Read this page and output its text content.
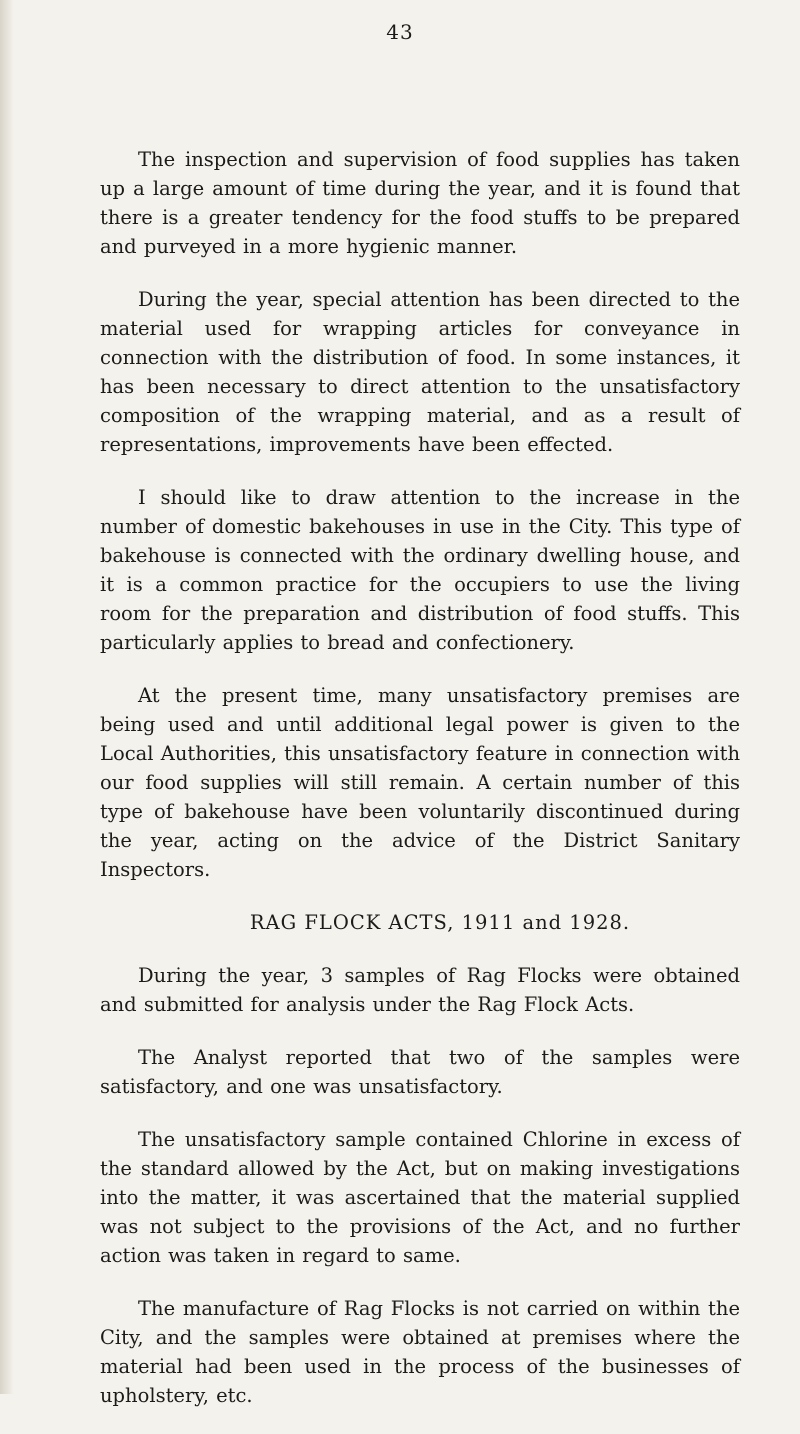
43

The inspection and supervision of food supplies has taken up a large amount of time during the year, and it is found that there is a greater tendency for the food stuffs to be prepared and purveyed in a more hygienic manner.

During the year, special attention has been directed to the material used for wrapping articles for conveyance in connection with the distribution of food. In some instances, it has been necessary to direct attention to the unsatisfactory composition of the wrapping material, and as a result of representations, improvements have been effected.

I should like to draw attention to the increase in the number of domestic bakehouses in use in the City. This type of bakehouse is connected with the ordinary dwelling house, and it is a common practice for the occupiers to use the living room for the preparation and distribution of food stuffs. This particularly applies to bread and confectionery.

At the present time, many unsatisfactory premises are being used and until additional legal power is given to the Local Authorities, this unsatisfactory feature in connection with our food supplies will still remain. A certain number of this type of bakehouse have been voluntarily discontinued during the year, acting on the advice of the District Sanitary Inspectors.

RAG FLOCK ACTS, 1911 and 1928.

During the year, 3 samples of Rag Flocks were obtained and submitted for analysis under the Rag Flock Acts.

The Analyst reported that two of the samples were satisfactory, and one was unsatisfactory.

The unsatisfactory sample contained Chlorine in excess of the standard allowed by the Act, but on making investigations into the matter, it was ascertained that the material supplied was not subject to the provisions of the Act, and no further action was taken in regard to same.

The manufacture of Rag Flocks is not carried on within the City, and the samples were obtained at premises where the material had been used in the process of the businesses of upholstery, etc.
